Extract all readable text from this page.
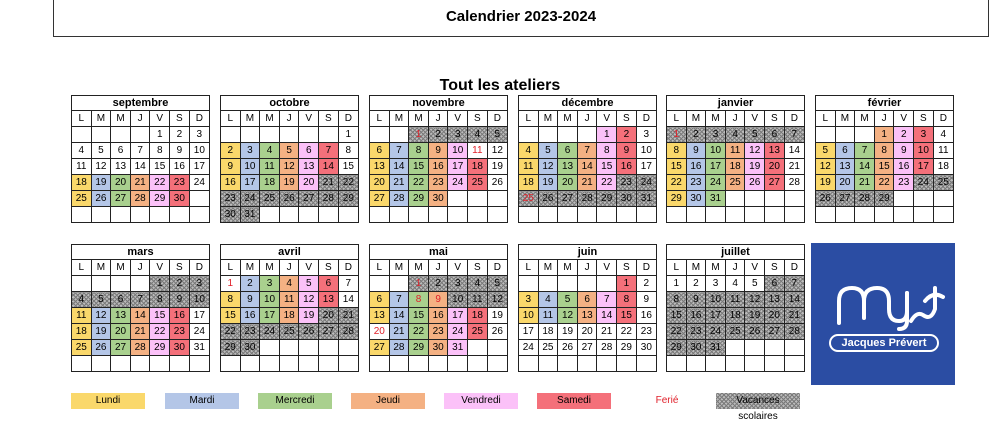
Calendrier 2023-2024
Tout les ateliers
septembre						
L	M	M	J	V	S	D
				1	2	3
4	5	6	7	8	9	10
11	12	13	14	15	16	17
18	19	20	21	22	23	24
25	26	27	28	29	30	

octobre						
L	M	M	J	V	S	D
						1
2	3	4	5	6	7	8
9	10	11	12	13	14	15
16	17	18	19	20	21	22
23	24	25	26	27	28	29
30	31					
novembre						
L	M	M	J	V	S	D
		1	2	3	4	5
6	7	8	9	10	11	12
13	14	15	16	17	18	19
20	21	22	23	24	25	26
27	28	29	30			

décembre						
L	M	M	J	V	S	D
				1	2	3
4	5	6	7	8	9	10
11	12	13	14	15	16	17
18	19	20	21	22	23	24
25	26	27	28	29	30	31

janvier						
L	M	M	J	V	S	D
1	2	3	4	5	6	7
8	9	10	11	12	13	14
15	16	17	18	19	20	21
22	23	24	25	26	27	28
29	30	31				

février						
L	M	M	J	V	S	D
			1	2	3	4
5	6	7	8	9	10	11
12	13	14	15	16	17	18
19	20	21	22	23	24	25
26	27	28	29			

mars						
L	M	M	J	V	S	D
				1	2	3
4	5	6	7	8	9	10
11	12	13	14	15	16	17
18	19	20	21	22	23	24
25	26	27	28	29	30	31

avril						
L	M	M	J	V	S	D
1	2	3	4	5	6	7
8	9	10	11	12	13	14
15	16	17	18	19	20	21
22	23	24	25	26	27	28
29	30					

mai						
L	M	M	J	V	S	D
		1	2	3	4	5
6	7	8	9	10	11	12
13	14	15	16	17	18	19
20	21	22	23	24	25	26
27	28	29	30	31		

juin						
L	M	M	J	V	S	D
					1	2
3	4	5	6	7	8	9
10	11	12	13	14	15	16
17	18	19	20	21	22	23
24	25	26	27	28	29	30

juillet						
L	M	M	J	V	S	D
1	2	3	4	5	6	7
8	9	10	11	12	13	14
15	16	17	18	19	20	21
22	23	24	25	26	27	28
29	30	31				
							Jacques Prévert
Lundi	Mardi	Mercredi	Jeudi	Vendredi	Samedi	Ferié	Vacances scolaires
